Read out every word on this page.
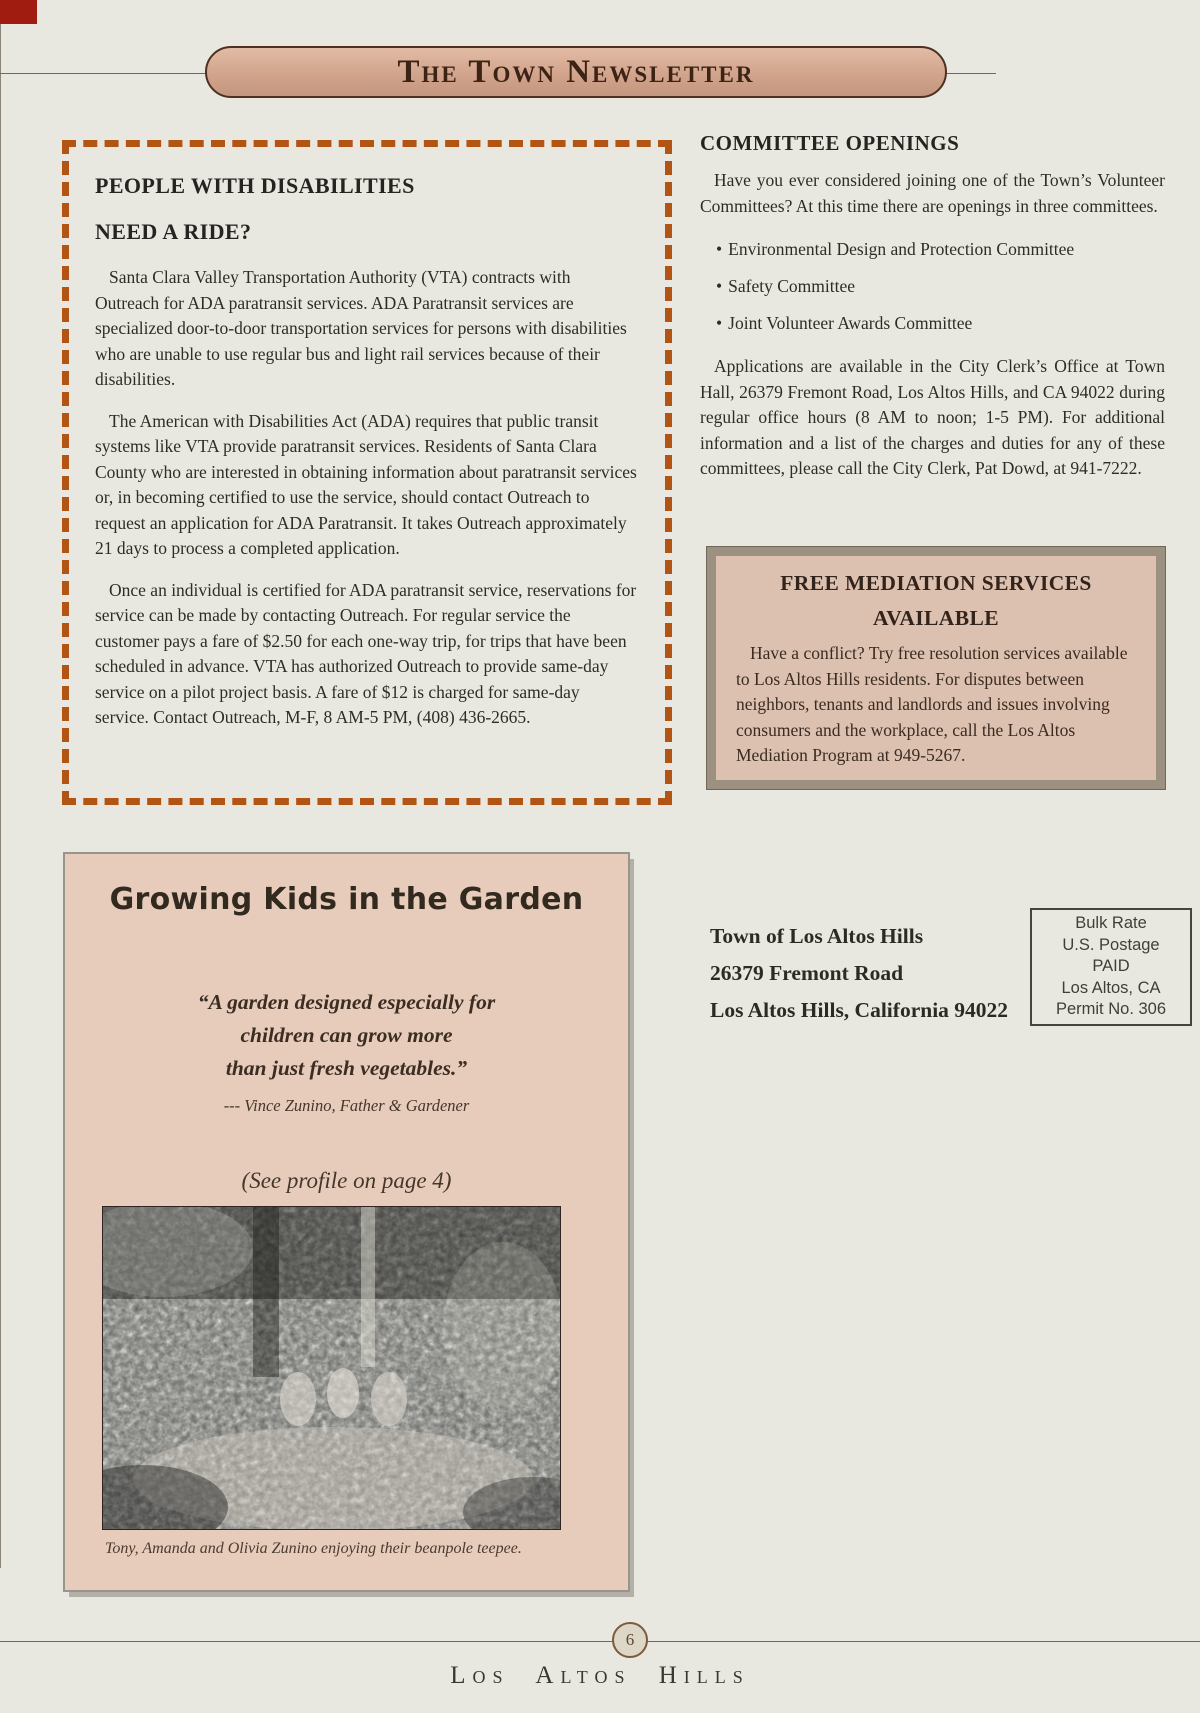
The Town Newsletter
PEOPLE WITH DISABILITIES
NEED A RIDE?

Santa Clara Valley Transportation Authority (VTA) contracts with Outreach for ADA paratransit services. ADA Paratransit services are specialized door-to-door transportation services for persons with disabilities who are unable to use regular bus and light rail services because of their disabilities.

The American with Disabilities Act (ADA) requires that public transit systems like VTA provide paratransit services. Residents of Santa Clara County who are interested in obtaining information about paratransit services or, in becoming certified to use the service, should contact Outreach to request an application for ADA Paratransit. It takes Outreach approximately 21 days to process a completed application.

Once an individual is certified for ADA paratransit service, reservations for service can be made by contacting Outreach. For regular service the customer pays a fare of $2.50 for each one-way trip, for trips that have been scheduled in advance. VTA has authorized Outreach to provide same-day service on a pilot project basis. A fare of $12 is charged for same-day service. Contact Outreach, M-F, 8 AM-5 PM, (408) 436-2665.

COMMITTEE OPENINGS

Have you ever considered joining one of the Town’s Volunteer Committees? At this time there are openings in three committees.

• Environmental Design and Protection Committee
• Safety Committee
• Joint Volunteer Awards Committee

Applications are available in the City Clerk’s Office at Town Hall, 26379 Fremont Road, Los Altos Hills, and CA 94022 during regular office hours (8 AM to noon; 1-5 PM). For additional information and a list of the charges and duties for any of these committees, please call the City Clerk, Pat Dowd, at 941-7222.

FREE MEDIATION SERVICES
AVAILABLE

Have a conflict? Try free resolution services available to Los Altos Hills residents. For disputes between neighbors, tenants and landlords and issues involving consumers and the workplace, call the Los Altos Mediation Program at 949-5267.

Growing Kids in the Garden
“A garden designed especially for
children can grow more
than just fresh vegetables.”
--- Vince Zunino, Father & Gardener
(See profile on page 4)
Tony, Amanda and Olivia Zunino enjoying their beanpole teepee.
Town of Los Altos Hills
26379 Fremont Road
Los Altos Hills, California 94022
Bulk Rate
U.S. Postage
PAID
Los Altos, CA
Permit No. 306
6
Los Altos Hills
